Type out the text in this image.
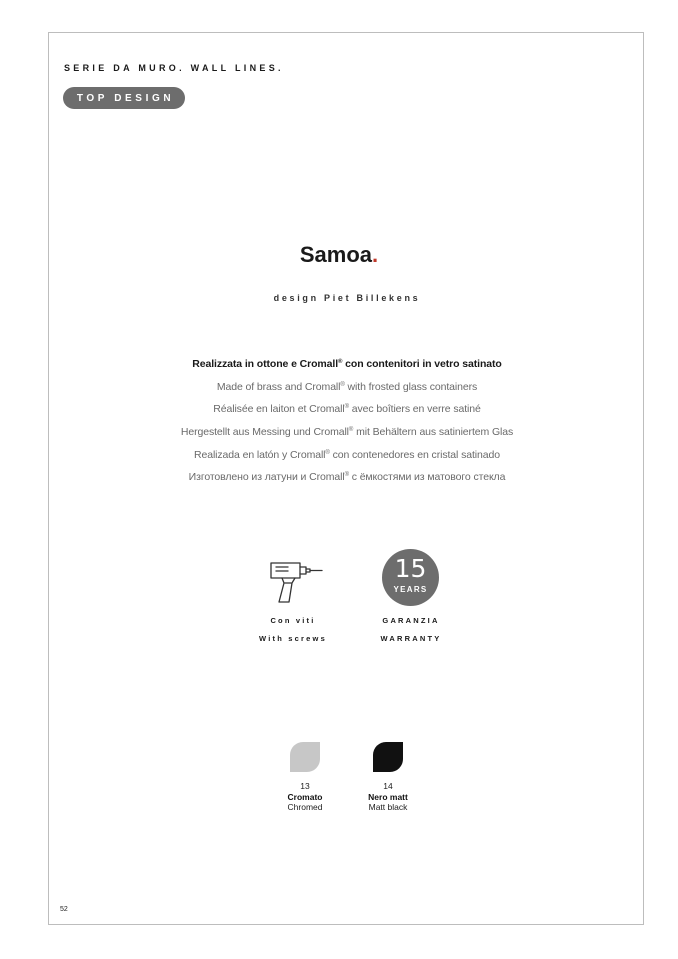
SERIE DA MURO. WALL LINES.
TOP DESIGN
Samoa.
design Piet Billekens
Realizzata in ottone e Cromall® con contenitori in vetro satinato
Made of brass and Cromall® with frosted glass containers
Réalisée en laiton et Cromall® avec boîtiers en verre satiné
Hergestellt aus Messing und Cromall® mit Behältern aus satiniertem Glas
Realizada en latón y Cromall® con contenedores en cristal satinado
Изготовлено из латуни и Cromall® с ёмкостями из матового стекла
Con viti
With screws
15
YEARS
GARANZIA
WARRANTY
13
Cromato
Chromed
14
Nero matt
Matt black
52
